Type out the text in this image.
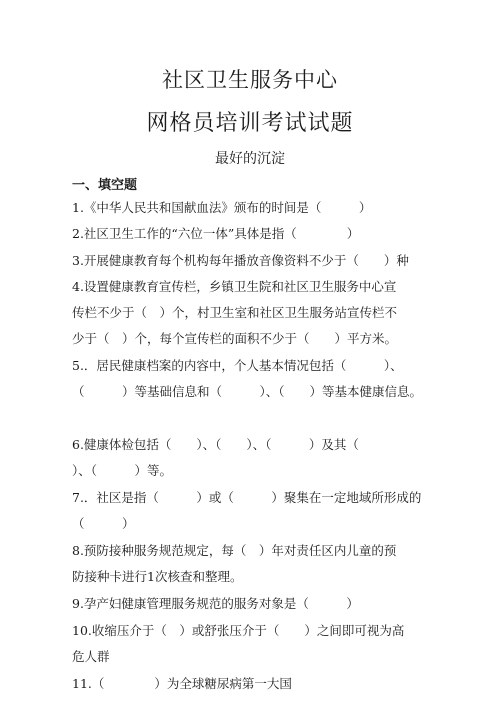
社区卫生服务中心
网格员培训考试试题
最好的沉淀
一、填空题
1.《中华人民共和国献血法》颁布的时间是（　　　）
2.社区卫生工作的“六位一体”具体是指（　　　　）
3.开展健康教育每个机构每年播放音像资料不少于（　　）种
4.设置健康教育宣传栏，乡镇卫生院和社区卫生服务中心宣
传栏不少于（　）个，村卫生室和社区卫生服务站宣传栏不
少于（　）个，每个宣传栏的面积不少于（　　）平方米。
5.．居民健康档案的内容中，个人基本情况包括（　　　）、
（　　　）等基础信息和（　　　）、（　　）等基本健康信息。
6.健康体检包括（　　）、（　　）、（　　　）及其（　　
）、（　　　）等。
7.．社区是指（　　　）或（　　　）聚集在一定地域所形成的
（　　　）
8.预防接种服务规范规定，每（　）年对责任区内儿童的预
防接种卡进行1次核查和整理。
9.孕产妇健康管理服务规范的服务对象是（　　　）
10.收缩压介于（　）或舒张压介于（　　）之间即可视为高
危人群
11.（　　　　）为全球糖尿病第一大国
